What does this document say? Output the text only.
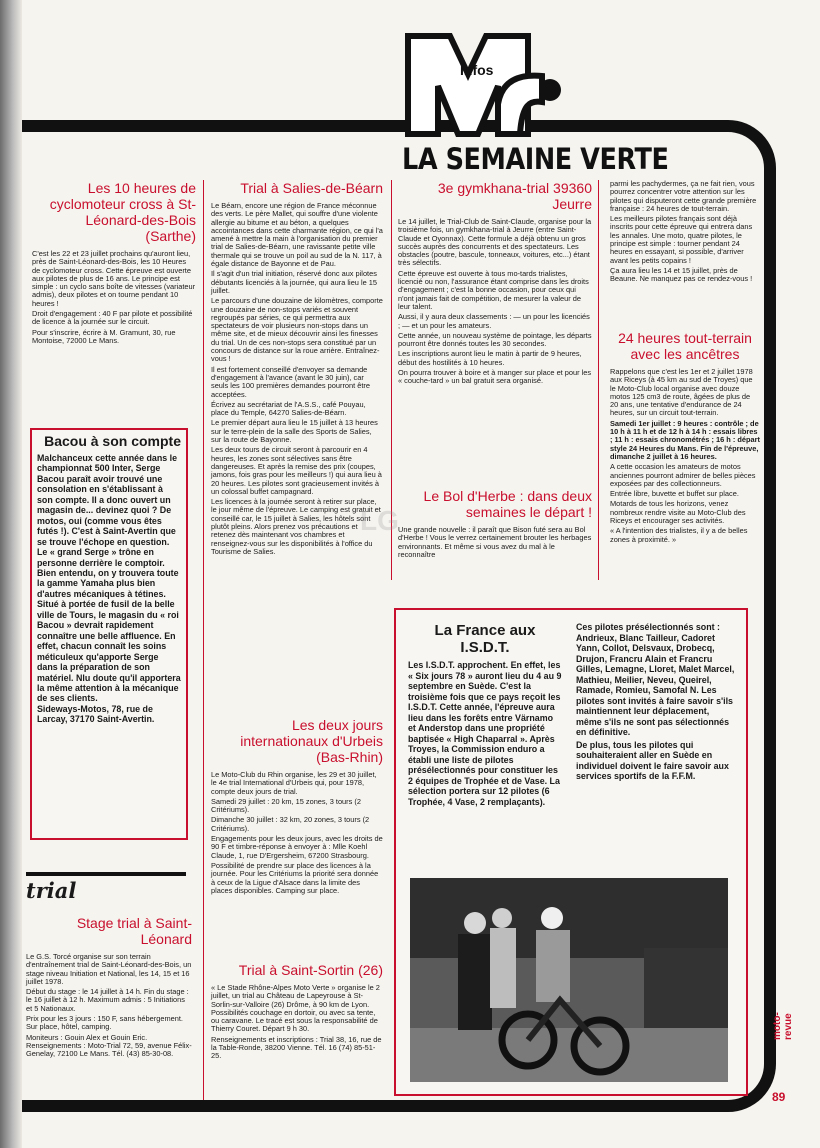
Infos
LA SEMAINE VERTE
Les 10 heures de cyclomoteur cross à St-Léonard-des-Bois (Sarthe)

C'est les 22 et 23 juillet prochains qu'auront lieu, près de Saint-Léonard-des-Bois, les 10 Heures de cyclomoteur cross. Cette épreuve est ouverte aux pilotes de plus de 16 ans. Le principe est simple : un cyclo sans boîte de vitesses (variateur admis), deux pilotes et on tourne pendant 10 heures !

Droit d'engagement : 40 F par pilote et possibilité de licence à la journée sur le circuit.

Pour s'inscrire, écrire à M. Gramunt, 30, rue Montoise, 72000 Le Mans.

Bacou à son compte
Malchanceux cette année dans le championnat 500 Inter, Serge Bacou paraît avoir trouvé une consolation en s'établissant à son compte. Il a donc ouvert un magasin de... devinez quoi ? De motos, oui (comme vous êtes futés !). C'est à Saint-Avertin que se trouve l'échope en question. Le « grand Serge » trône en personne derrière le comptoir. Bien entendu, on y trouvera toute la gamme Yamaha plus bien d'autres mécaniques à tétines. Situé à portée de fusil de la belle ville de Tours, le magasin du « roi Bacou » devrait rapidement connaître une belle affluence. En effet, chacun connaît les soins méticuleux qu'apporte Serge dans la préparation de son matériel. Nlu doute qu'il apportera la même attention à la mécanique de ses clients.
Sideways-Motos, 78, rue de Larcay, 37170 Saint-Avertin.
trial
Stage trial à Saint-Léonard

Le G.S. Torcé organise sur son terrain d'entraînement trial de Saint-Léonard-des-Bois, un stage niveau Initiation et National, les 14, 15 et 16 juillet 1978.

Début du stage : le 14 juillet à 14 h. Fin du stage : le 16 juillet à 12 h. Maximum admis : 5 Initiations et 5 Nationaux.

Prix pour les 3 jours : 150 F, sans hébergement. Sur place, hôtel, camping.

Moniteurs : Gouin Alex et Gouin Eric. Renseignements : Moto-Trial 72, 59, avenue Félix-Genelay, 72100 Le Mans. Tél. (43) 85-30-08.

Trial à Salies-de-Béarn

Le Béarn, encore une région de France méconnue des verts. Le père Mallet, qui souffre d'une violente allergie au bitume et au béton, a quelques accointances dans cette charmante région, ce qui l'a amené à mettre la main à l'organisation du premier trial de Salies-de-Béarn, une ravissante petite ville thermale qui se trouve un poil au sud de la N. 117, à égale distance de Bayonne et de Pau.

Il s'agit d'un trial initiation, réservé donc aux pilotes débutants licenciés à la journée, qui aura lieu le 15 juillet.

Le parcours d'une douzaine de kilomètres, comporte une douzaine de non-stops variés et souvent regroupés par séries, ce qui permettra aux spectateurs de voir plusieurs non-stops dans un même site, et de mieux découvrir ainsi les finesses du trial. Un de ces non-stops sera constitué par un concours de distance sur la roue arrière. Entraînez-vous !

Il est fortement conseillé d'envoyer sa demande d'engagement à l'avance (avant le 30 juin), car seuls les 100 premières demandes pourront être acceptées.

Écrivez au secrétariat de l'A.S.S., café Pouyau, place du Temple, 64270 Salies-de-Béarn.

Le premier départ aura lieu le 15 juillet à 13 heures sur le terre-plein de la salle des Sports de Salies, sur la route de Bayonne.

Les deux tours de circuit seront à parcourir en 4 heures, les zones sont sélectives sans être dangereuses. Et après la remise des prix (coupes, jamons, fois gras pour les meilleurs !) qui aura lieu à 20 heures. Les pilotes sont gracieusement invités à un colossal buffet campagnard.

Les licences à la journée seront à retirer sur place, le jour même de l'épreuve. Le camping est gratuit et conseillé car, le 15 juillet à Salies, les hôtels sont plutôt pleins. Alors prenez vos précautions et retenez dès maintenant vos chambres et renseignez-vous sur les disponibilités à l'office du Tourisme de Salies.

Les deux jours internationaux d'Urbeis (Bas-Rhin)

Le Moto-Club du Rhin organise, les 29 et 30 juillet, le 4e trial International d'Urbeis qui, pour 1978, compte deux jours de trial.

Samedi 29 juillet : 20 km, 15 zones, 3 tours (2 Critériums).

Dimanche 30 juillet : 32 km, 20 zones, 3 tours (2 Critériums).

Engagements pour les deux jours, avec les droits de 90 F et timbre-réponse à envoyer à : Mlle Koehl Claude, 1, rue D'Ergersheim, 67200 Strasbourg.

Possibilité de prendre sur place des licences à la journée. Pour les Critériums la priorité sera donnée à ceux de la Ligue d'Alsace dans la limite des places disponibles. Camping sur place.

Trial à Saint-Sortin (26)

« Le Stade Rhône-Alpes Moto Verte » organise le 2 juillet, un trial au Château de Lapeyrouse à St-Sorlin-sur-Valloire (26) Drôme, à 90 km de Lyon. Possibilités couchage en dortoir, ou avec sa tente, ou caravane. Le tracé est sous la responsabilité de Thierry Couret. Départ 9 h 30.

Renseignements et inscriptions : Trial 38, 16, rue de la Table-Ronde, 38200 Vienne. Tél. 16 (74) 85-51-25.

3e gymkhana-trial 39360 Jeurre

Le 14 juillet, le Trial-Club de Saint-Claude, organise pour la troisième fois, un gymkhana-trial à Jeurre (entre Saint-Claude et Oyonnax). Cette formule a déjà obtenu un gros succès auprès des concurrents et des spectateurs. Les obstacles (poutre, bascule, tonneaux, voitures, etc...) étant très sélectifs.

Cette épreuve est ouverte à tous mo-tards trialistes, licencié ou non, l'assurance étant comprise dans les droits d'engagement ; c'est la bonne occasion, pour ceux qui n'ont jamais fait de compétition, de mesurer la valeur de leur talent.

Aussi, il y aura deux classements : — un pour les licenciés ; — et un pour les amateurs.

Cette année, un nouveau système de pointage, les départs pourront être donnés toutes les 30 secondes.

Les inscriptions auront lieu le matin à partir de 9 heures, début des hostilités à 10 heures.

On pourra trouver à boire et à manger sur place et pour les « couche-tard » un bal gratuit sera organisé.

Le Bol d'Herbe : dans deux semaines le départ !

Une grande nouvelle : il paraît que Bison futé sera au Bol d'Herbe ! Vous le verrez certainement brouter les herbages environnants. Et même si vous avez du mal à le reconnaître

parmi les pachydermes, ça ne fait rien, vous pourrez concentrer votre attention sur les pilotes qui disputeront cette grande première française : 24 heures de tout-terrain.

Les meilleurs pilotes français sont déjà inscrits pour cette épreuve qui entrera dans les annales. Une moto, quatre pilotes, le principe est simple : tourner pendant 24 heures en essayant, si possible, d'arriver avant les petits copains !

Ça aura lieu les 14 et 15 juillet, près de Beaune. Ne manquez pas ce rendez-vous !

24 heures tout-terrain avec les ancêtres

Rappelons que c'est les 1er et 2 juillet 1978 aux Riceys (à 45 km au sud de Troyes) que le Moto-Club local organise avec douze motos 125 cm3 de route, âgées de plus de 20 ans, une tentative d'endurance de 24 heures, sur un circuit tout-terrain.

Samedi 1er juillet : 9 heures : contrôle ; de 10 h à 11 h et de 12 h à 14 h : essais libres ; 11 h : essais chronométrés ; 16 h : départ style 24 Heures du Mans. Fin de l'épreuve, dimanche 2 juillet à 16 heures.

A cette occasion les amateurs de motos anciennes pourront admirer de belles pièces exposées par des collectionneurs.

Entrée libre, buvette et buffet sur place.

Motards de tous les horizons, venez nombreux rendre visite au Moto-Club des Riceys et encourager ses activités.

« A l'intention des trialistes, il y a de belles zones à proximité. »

LG
La France aux I.S.D.T.
Les I.S.D.T. approchent. En effet, les « Six jours 78 » auront lieu du 4 au 9 septembre en Suède. C'est la troisième fois que ce pays reçoit les I.S.D.T. Cette année, l'épreuve aura lieu dans les forêts entre Värnamo et Anderstop dans une propriété baptisée « High Chaparral ». Après Troyes, la Commission enduro a établi une liste de pilotes présélectionnés pour constituer les 2 équipes de Trophée et de Vase. La sélection portera sur 12 pilotes (6 Trophée, 4 Vase, 2 remplaçants).
Ces pilotes présélectionnés sont : Andrieux, Blanc Tailleur, Cadoret Yann, Collot, Delsvaux, Drobecq, Drujon, Francru Alain et Francru Gilles, Lemagne, Lloret, Malet Marcel, Mathieu, Meilier, Neveu, Queirel, Ramade, Romieu, Samofal N. Les pilotes sont invités à faire savoir s'ils maintiennent leur déplacement, même s'ils ne sont pas sélectionnés en définitive.
De plus, tous les pilotes qui souhaiteraient aller en Suède en individuel doivent le faire savoir aux services sportifs de la F.F.M.
moto-revue
89
